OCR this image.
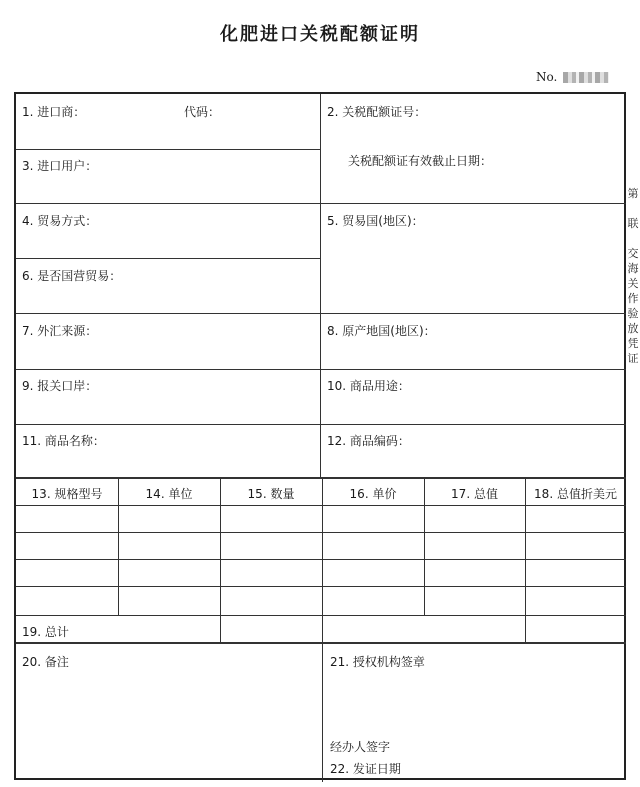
化肥进口关税配额证明
No.
1. 进口商：	代码：	2. 关税配额证号：
关税配额证有效截止日期：
3. 进口用户：
4. 贸易方式：	5. 贸易国(地区)：
6. 是否国营贸易：
7. 外汇来源：	8. 原产地国(地区)：
9. 报关口岸：	10. 商品用途：
11. 商品名称：	12. 商品编码：
13. 规格型号	14. 单位	15. 数量	16. 单价	17. 总值	18. 总值折美元
19. 总计
20. 备注	21. 授权机构签章
经办人签字
22. 发证日期
第
联
交海关作验放凭证
